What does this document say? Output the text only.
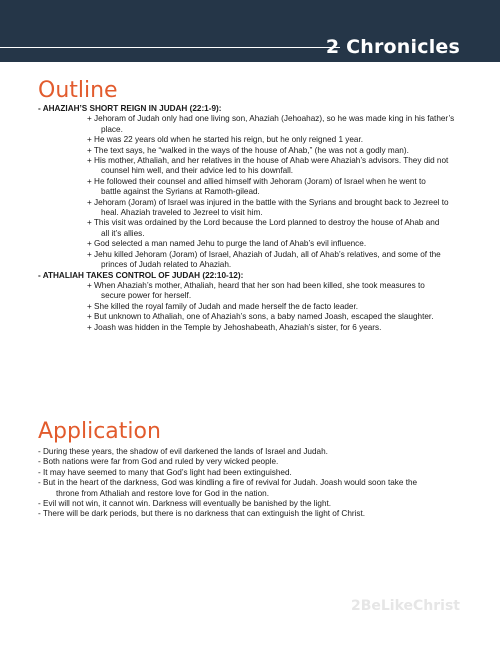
2 Chronicles
Outline
- AHAZIAH’S SHORT REIGN IN JUDAH (22:1-9):
+ Jehoram of Judah only had one living son, Ahaziah (Jehoahaz), so he was made king in his father’s
place.
+ He was 22 years old when he started his reign, but he only reigned 1 year.
+ The text says, he “walked in the ways of the house of Ahab,” (he was not a godly man).
+ His mother, Athaliah, and her relatives in the house of Ahab were Ahaziah’s advisors. They did not
counsel him well, and their advice led to his downfall.
+ He followed their counsel and allied himself with Jehoram (Joram) of Israel when he went to
battle against the Syrians at Ramoth-gilead.
+ Jehoram (Joram) of Israel was injured in the battle with the Syrians and brought back to Jezreel to
heal. Ahaziah traveled to Jezreel to visit him.
+ This visit was ordained by the Lord because the Lord planned to destroy the house of Ahab and
all it’s allies.
+ God selected a man named Jehu to purge the land of Ahab’s evil influence.
+ Jehu killed Jehoram (Joram) of Israel, Ahaziah of Judah, all of Ahab’s relatives, and some of the
princes of Judah related to Ahaziah.
- ATHALIAH TAKES CONTROL OF JUDAH (22:10-12):
+ When Ahaziah’s mother, Athaliah, heard that her son had been killed, she took measures to
secure power for herself.
+ She killed the royal family of Judah and made herself the de facto leader.
+ But unknown to Athaliah, one of Ahaziah’s sons, a baby named Joash, escaped the slaughter.
+ Joash was hidden in the Temple by Jehoshabeath, Ahaziah’s sister, for 6 years.
Application
- During these years, the shadow of evil darkened the lands of Israel and Judah.
- Both nations were far from God and ruled by very wicked people.
- It may have seemed to many that God’s light had been extinguished.
- But in the heart of the darkness, God was kindling a fire of revival for Judah. Joash would soon take the
throne from Athaliah and restore love for God in the nation.
- Evil will not win, it cannot win. Darkness will eventually be banished by the light.
- There will be dark periods, but there is no darkness that can extinguish the light of Christ.
2BeLikeChrist
